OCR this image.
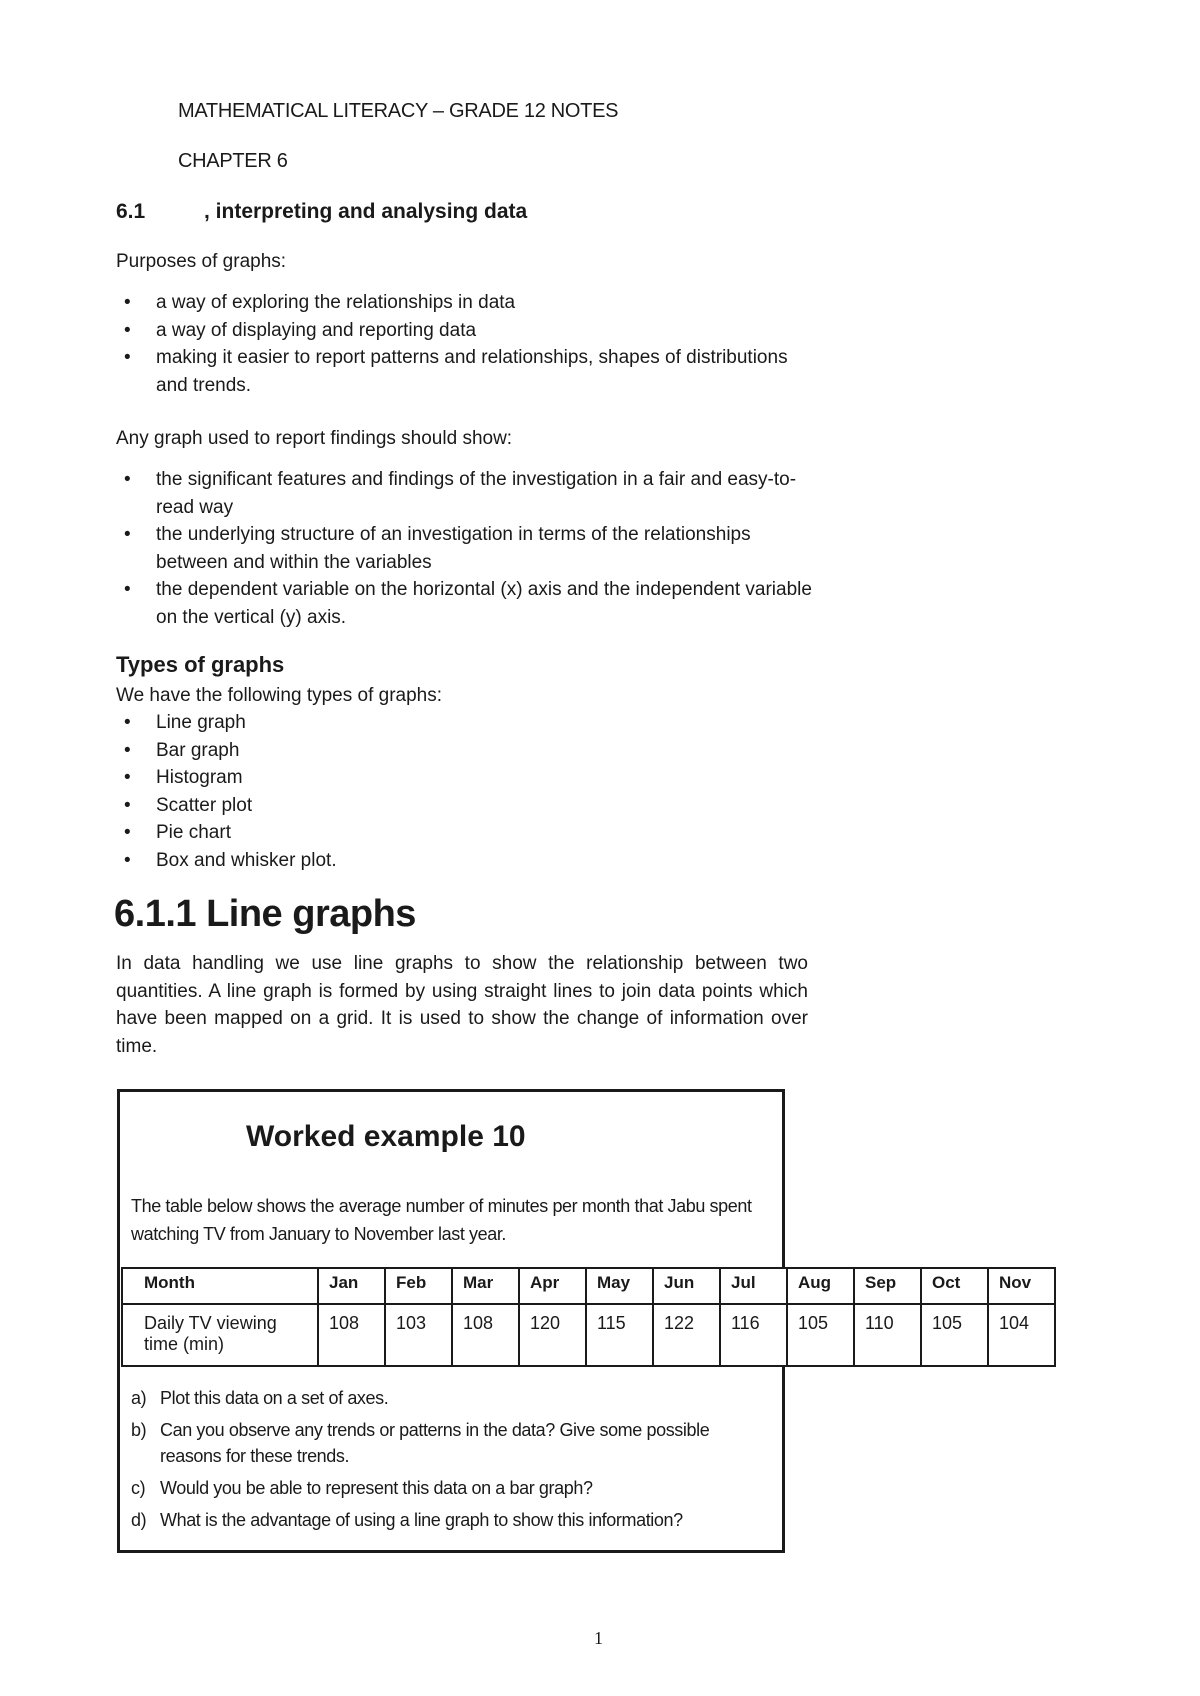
MATHEMATICAL LITERACY – GRADE 12 NOTES
CHAPTER 6
6.1	, interpreting and analysing data

Purposes of graphs:

• a way of exploring the relationships in data
• a way of displaying and reporting data
• making it easier to report patterns and relationships, shapes of distributions and trends.

Any graph used to report findings should show:

• the significant features and findings of the investigation in a fair and easy-to-read way
• the underlying structure of an investigation in terms of the relationships between and within the variables
• the dependent variable on the horizontal (x) axis and the independent variable on the vertical (y) axis.
Types of graphs

We have the following types of graphs:

• Line graph
• Bar graph
• Histogram
• Scatter plot
• Pie chart
• Box and whisker plot.
6.1.1 Line graphs

In data handling we use line graphs to show the relationship between two quantities. A line graph is formed by using straight lines to join data points which have been mapped on a grid. It is used to show the change of information over time.

Worked example 10

The table below shows the average number of minutes per month that Jabu spent watching TV from January to November last year.

Month	Jan	Feb	Mar	Apr	May	Jun	Jul	Aug	Sep	Oct	Nov
Daily TV viewing time (min)	108	103	108	120	115	122	116	105	110	105	104
a) Plot this data on a set of axes.
b) Can you observe any trends or patterns in the data? Give some possible reasons for these trends.
c) Would you be able to represent this data on a bar graph?
d) What is the advantage of using a line graph to show this information?
1
